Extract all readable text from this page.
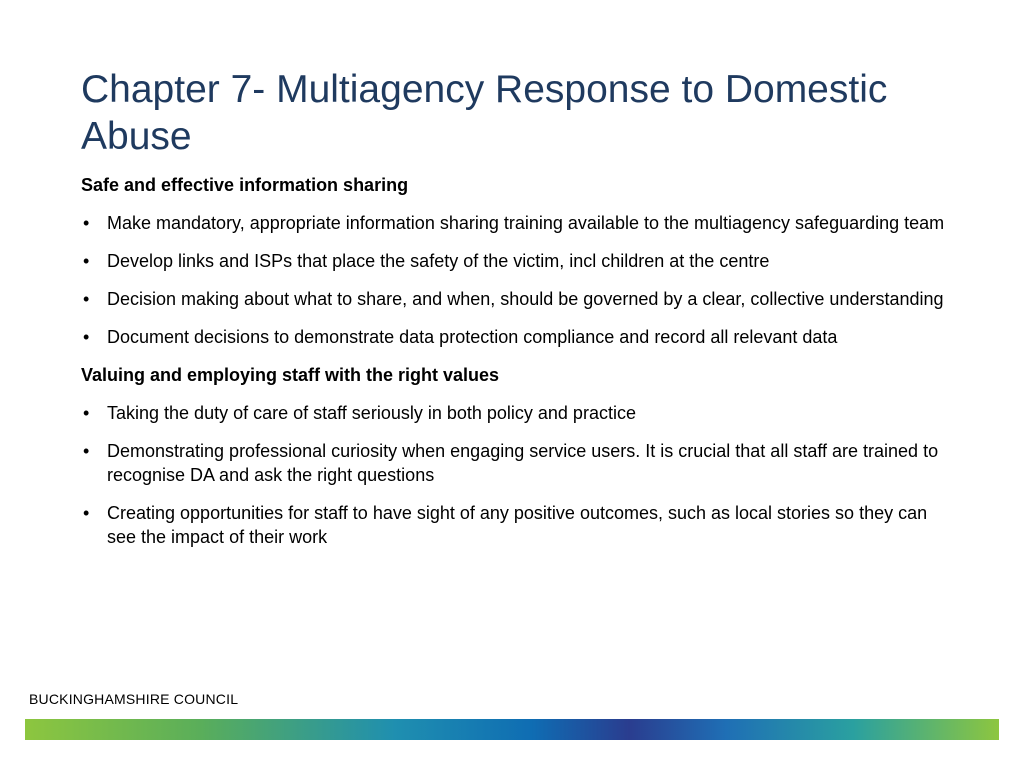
Chapter 7- Multiagency Response to Domestic Abuse
Safe and effective information sharing
• Make mandatory, appropriate information sharing training available to the multiagency safeguarding team
• Develop links and ISPs that place the safety of the victim, incl children at the centre
• Decision making about what to share, and when, should be governed by a clear, collective understanding
• Document decisions to demonstrate data protection compliance and record all relevant data
Valuing and employing staff with the right values
• Taking the duty of care of staff seriously in both policy and practice
• Demonstrating professional curiosity when engaging service users. It is crucial that all staff are trained to recognise DA and ask the right questions
• Creating opportunities for staff to have sight of any positive outcomes, such as local stories so they can see the impact of their work
BUCKINGHAMSHIRE COUNCIL
